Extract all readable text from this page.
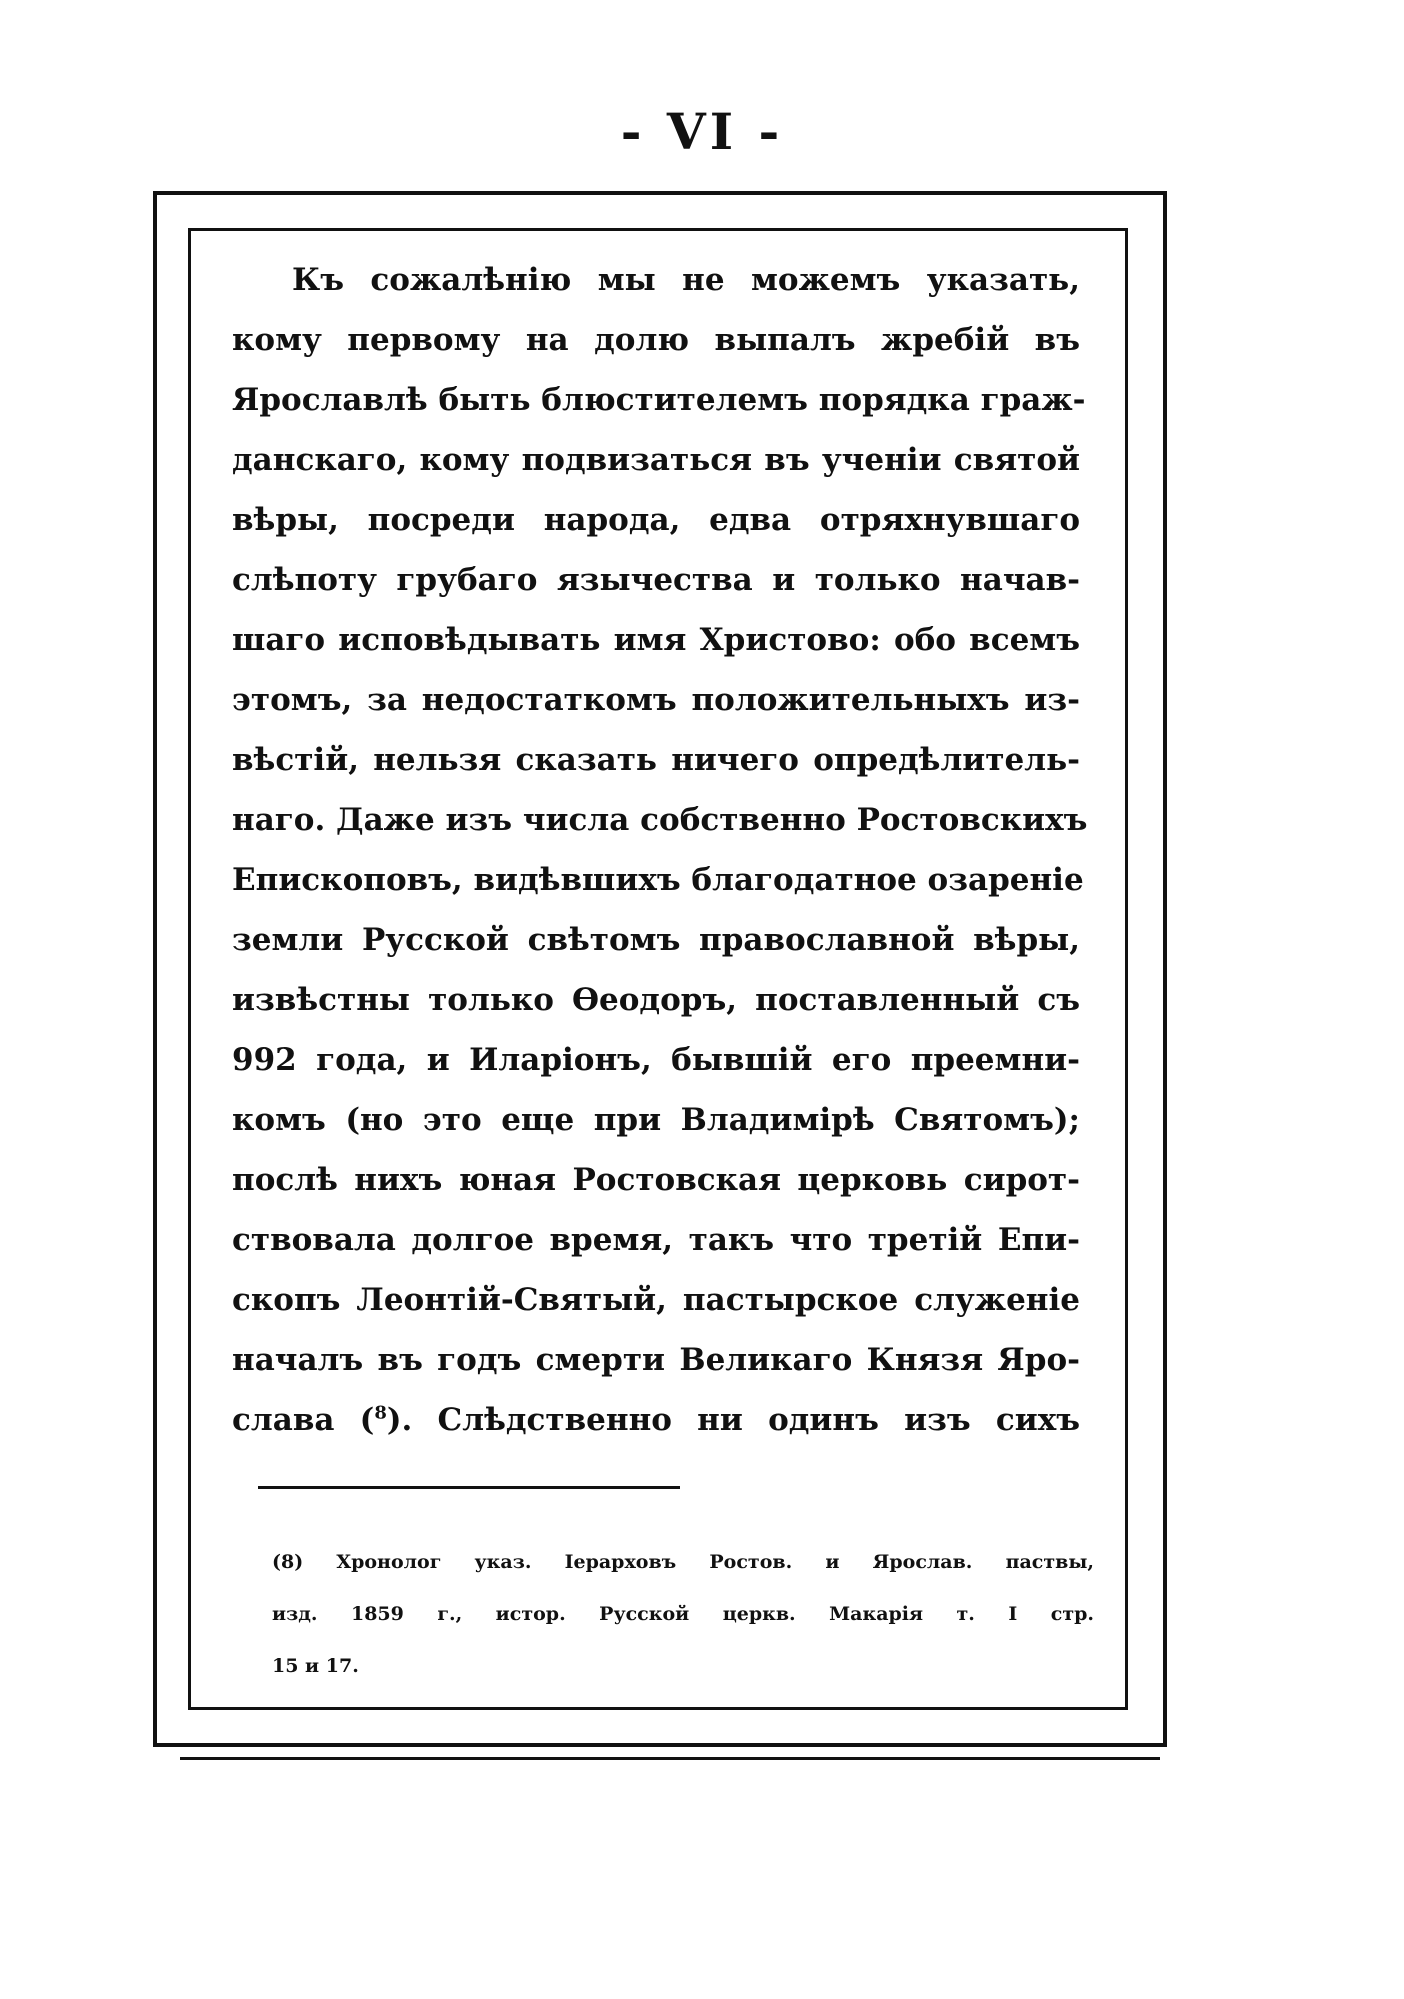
- VI -
Къ сожалѣнію мы не можемъ указать,
кому первому на долю выпалъ жребій въ
Ярославлѣ быть блюстителемъ порядка граж-
данскаго, кому подвизаться въ ученіи святой
вѣры, посреди народа, едва отряхнувшаго
слѣпоту грубаго язычества и только начав-
шаго исповѣдывать имя Христово: обо всемъ
этомъ, за недостаткомъ положительныхъ из-
вѣстій, нельзя сказать ничего опредѣлитель-
наго. Даже изъ числа собственно Ростовскихъ
Епископовъ, видѣвшихъ благодатное озареніе
земли Русской свѣтомъ православной вѣры,
извѣстны только Ѳеодоръ, поставленный съ
992 года, и Иларіонъ, бывшій его преемни-
комъ (но это еще при Владимірѣ Святомъ);
послѣ нихъ юная Ростовская церковь сирот-
ствовала долгое время, такъ что третій Епи-
скопъ Леонтій-Святый, пастырское служеніе
началъ въ годъ смерти Великаго Князя Яро-
слава ($^8$). Слѣдственно ни одинъ изъ сихъ
(8) Хронолог указ. Іерарховъ Ростов. и Ярослав. паствы,
изд. 1859 г., истор. Русской церкв. Макарія т. I стр.
15 и 17.
